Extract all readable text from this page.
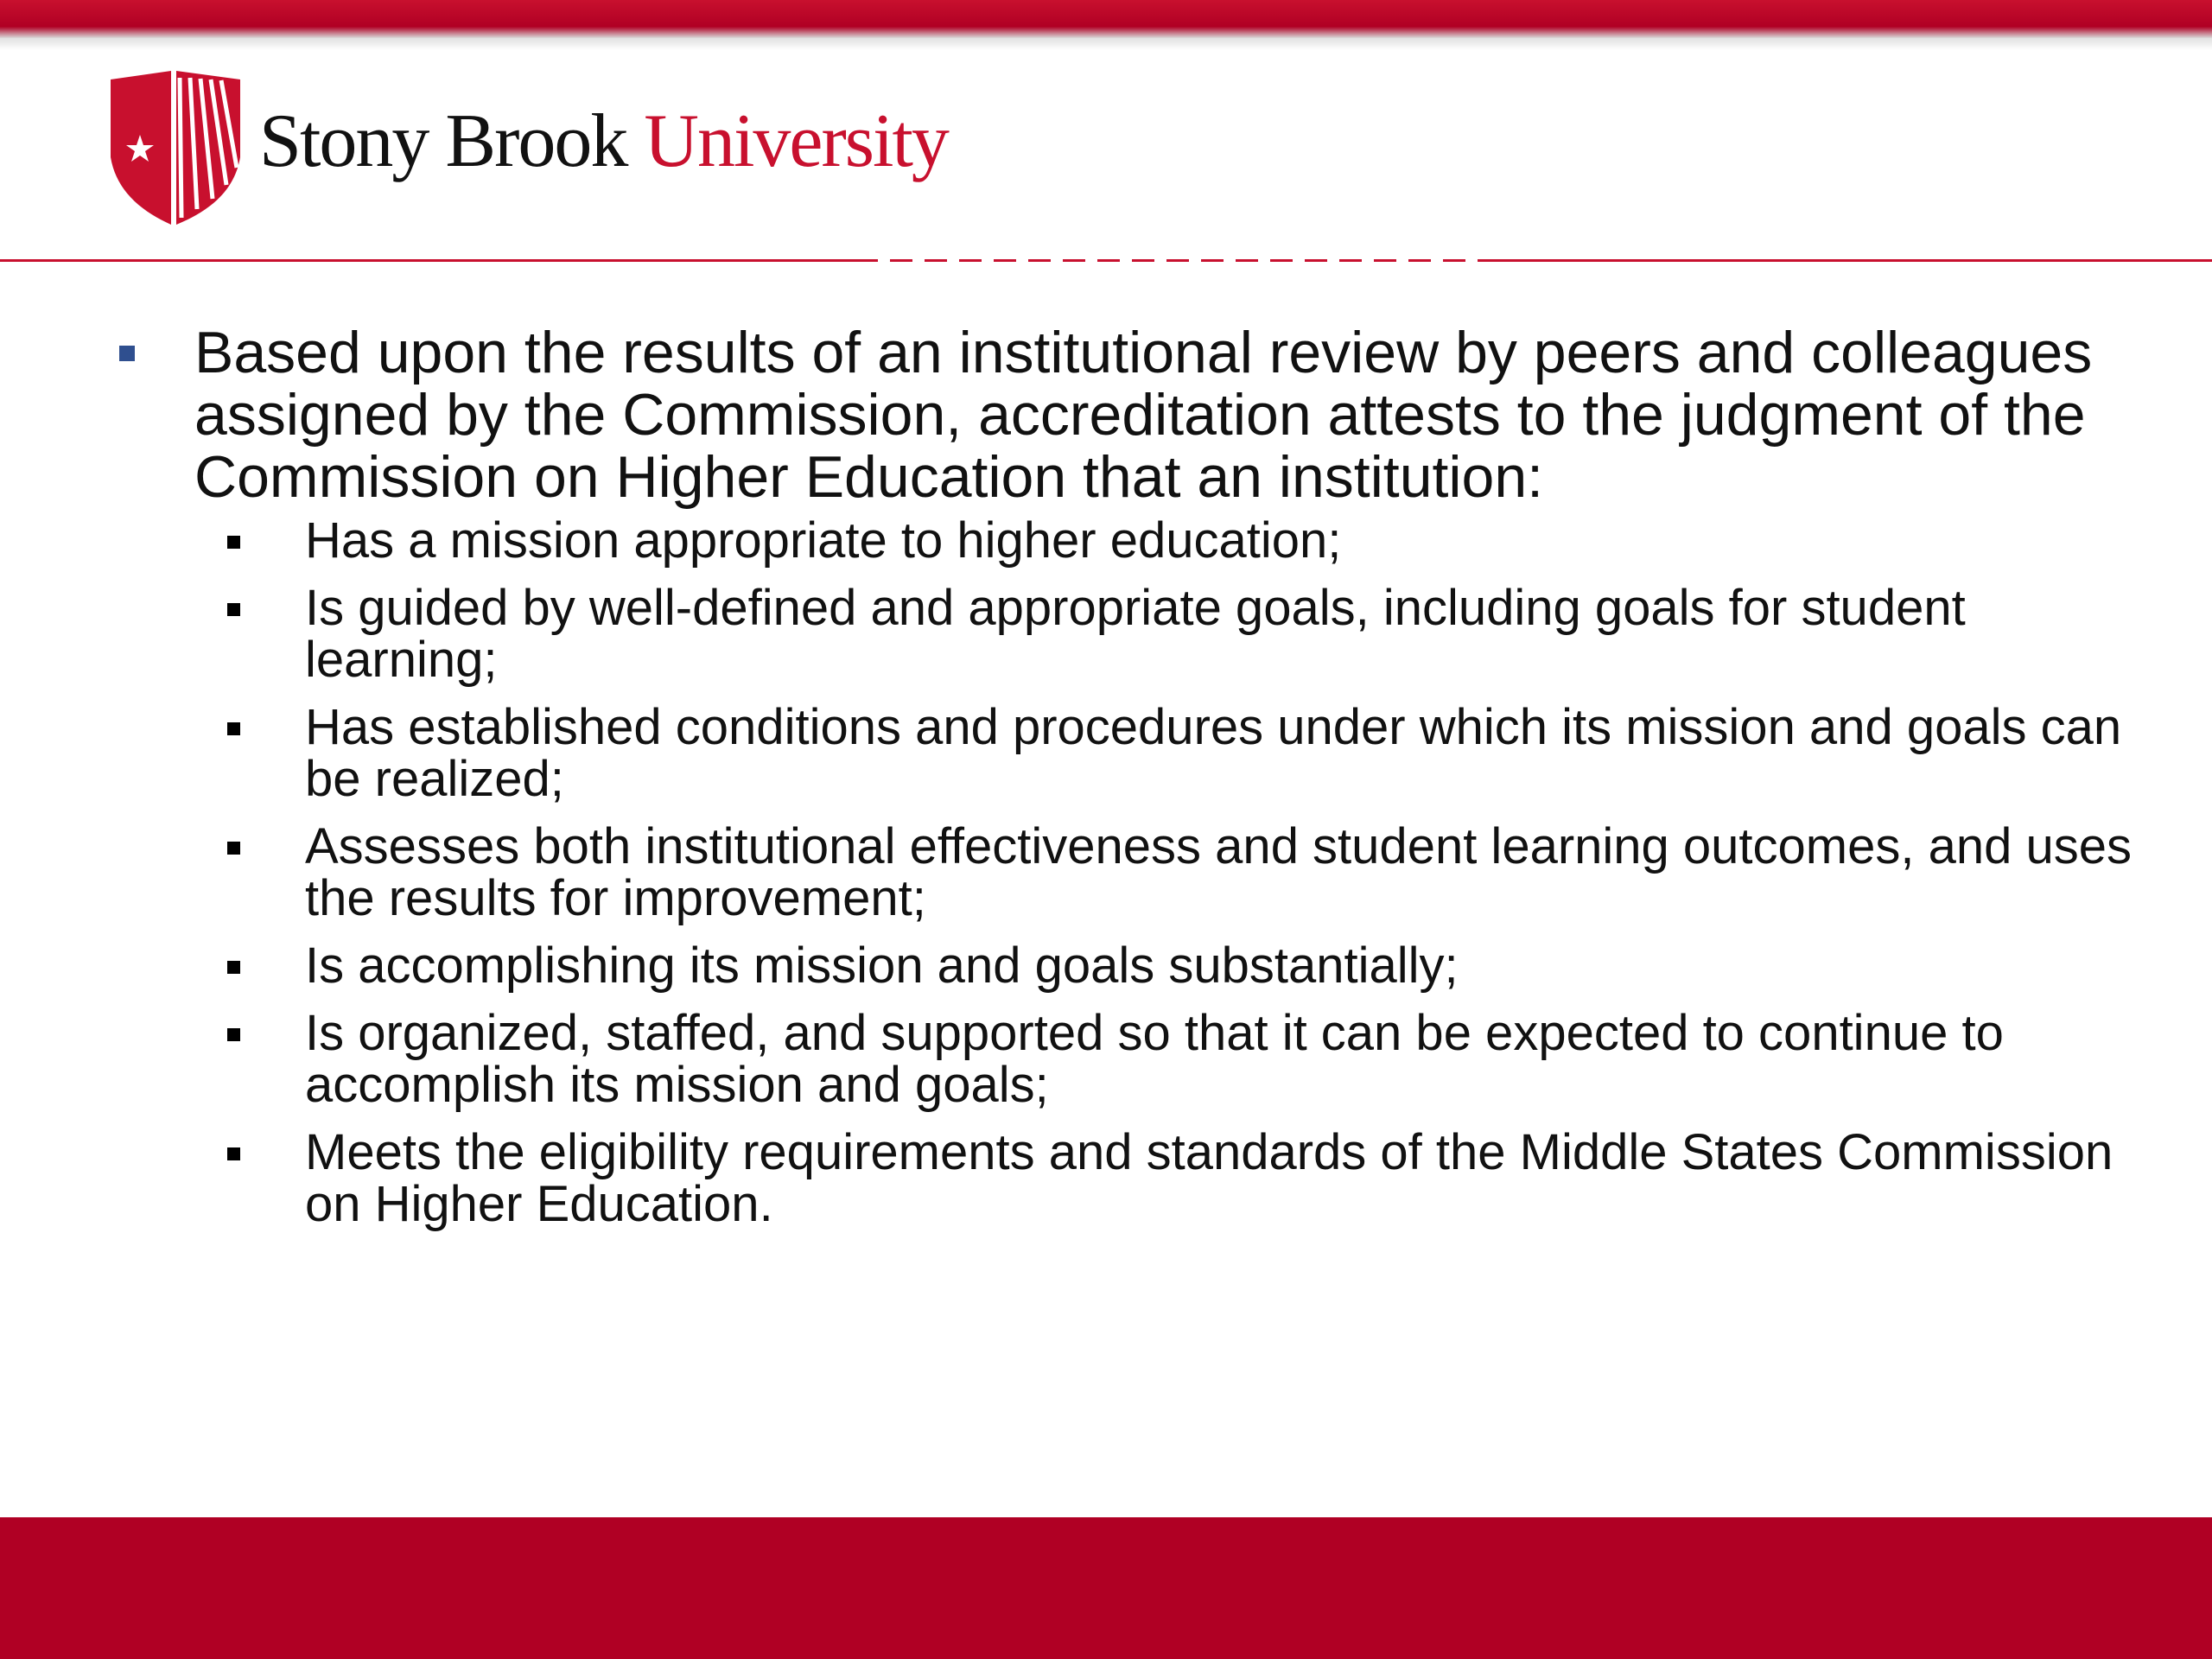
Stony Brook University
Based upon the results of an institutional review by peers and colleagues assigned by the Commission, accreditation attests to the judgment of the Commission on Higher Education that an institution:
Has a mission appropriate to higher education;
Is guided by well-defined and appropriate goals, including goals for student learning;
Has established conditions and procedures under which its mission and goals can be realized;
Assesses both institutional effectiveness and student learning outcomes, and uses the results for improvement;
Is accomplishing its mission and goals substantially;
Is organized, staffed, and supported so that it can be expected to continue to accomplish its mission and goals;
Meets the eligibility requirements and standards of the Middle States Commission on Higher Education.
